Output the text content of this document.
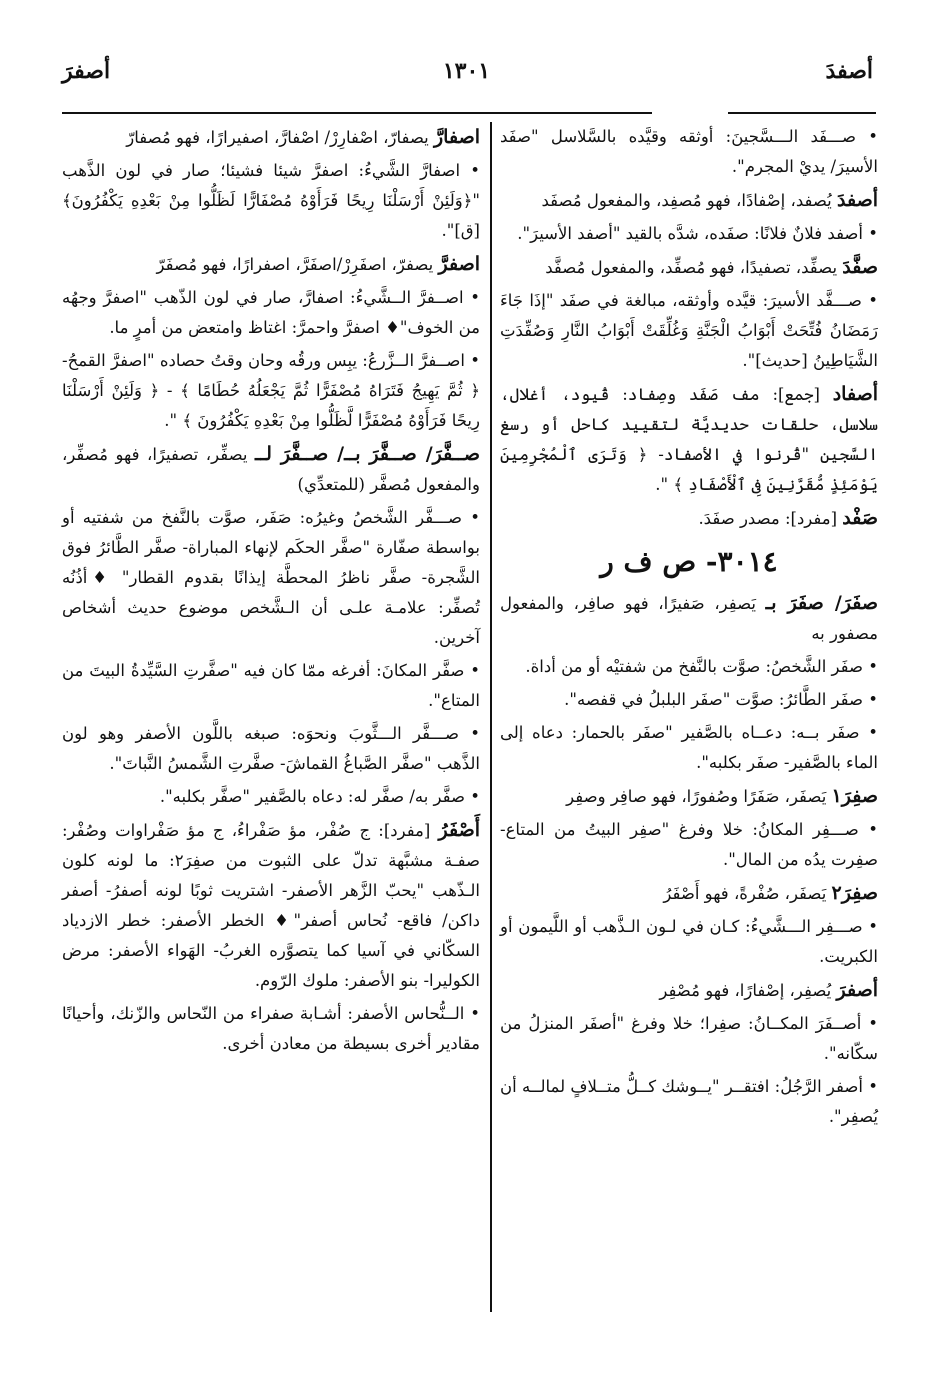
أصفدَ
١٣٠١
أصفرَ

• صـــفَد الـــسَّجينَ: أوثقه وقيَّده بالسَّلاسل "صفَد الأسيرَ/ يديْ المجرم".

أصفدَ يُصفد، إصْفادًا، فهو مُصفِد، والمفعول مُصفَد

• أصفد فلانٌ فلانًا: صفَده، شدَّه بالقيد "أصفد الأسيرَ".

صفَّدَ يصفِّد، تصفيدًا، فهو مُصفِّد، والمفعول مُصفَّد

• صـــفَّد الأسيرَ: قيَّده وأوثقه، مبالغة في صفَد "إذَا جَاءَ رَمَضَانُ فُتِّحَتْ أَبْوَابُ الْجَنَّةِ وَغُلِّقَتْ أَبْوَابُ النَّارِ وَصُفِّدَتِ الشَّيَاطِينُ [حديث]".

أصفاد [جمع]: مف صَفَد وصِفاد: قُيود، أغلال، سلاسل، حلقات حديديَّة لتقييد كاحل أو رسغ السَّجين "قُرنوا في الأصفاد- ﴿ وَتَرَى ٱلْمُجْرِمِينَ يَوْمَئِذٍ مُّقَرَّنِينَ فِى ٱلْأَصْفَادِ ﴾ ".

صَفْد [مفرد]: مصدر صفَدَ.

٣٠١٤- ص ف ر

صفَرَ/ صفَرَ بـ يَصفِر، صَفيرًا، فهو صافِر، والمفعول مصفور به

• صفَر الشَّخصُ: صوَّت بالنَّفخ من شفتيْه أو من أداة.

• صفَر الطَّائرُ: صوَّت "صفَر البلبلُ في قفصه".

• صفَر بــه: دعــاه بالصَّفير "صفَر بالحمار: دعاه إلى الماء بالصَّفير- صفَر بكلبه".

صفِرَ١ يَصفَر، صَفَرًا وصُفورًا، فهو صافِر وصفِر

• صـــفِر المكانُ: خلا وفرغ "صفِر البيتُ من المتاع- صفِرت يدُه من المال".

صفِرَ٢ يَصفَر، صُفْرةً، فهو أَصْفَرُ

• صـــفِر الـــشَّيءُ: كـان في لـون الـذَّهب أو اللَّيمون أو الكبريت.

أصفرَ يُصفِر، إصْفارًا، فهو مُصْفِر

• أصــفَرَ المكــانُ: صفِرا؛ خلا وفرغ "أصفَر المنزلُ من سكّانه".

• أصفر الرَّجُلُ: افتقــر "يــوشك كــلُّ متــلافٍ لمالــه أن يُصفِر".

اصفارَّ يصفارّ، اصْفارِرْ/ اصْفارَّ، اصفيرارًا، فهو مُصفارّ

• اصفارَّ الشَّيءُ: اصفرَّ شيئا فشيئا؛ صار في لون الذَّهب "﴿وَلَئِنْ أَرْسَلْنَا رِيحًا فَرَأَوْهُ مُصْفَارًّا لَظَلُّوا مِنْ بَعْدِهِ يَكْفُرُونَ﴾ [ق]".

اصفرَّ يصفرّ، اصفَرِرْ/اصفَرَّ، اصفرارًا، فهو مُصفَرّ

• اصــفرَّ الــشَّيءُ: اصفارَّ، صار في لون الذّهب "اصفرَّ وجهُه من الخوف"♦ اصفرَّ واحمرَّ: اغتاظ وامتعض من أمرٍ ما.

• اصــفرَّ الــزَّرعُ: يبِس ورقُه وحان وقتُ حصاده "اصفرَّ القمحُ- ﴿ ثُمَّ يَهِيجُ فَتَرَاهُ مُصْفَرًّا ثُمَّ يَجْعَلُهُ حُطَامًا ﴾ - ﴿ وَلَئِنْ أَرْسَلْنَا رِيحًا فَرَأَوْهُ مُصْفَرًّا لَّظَلُّوا مِنْ بَعْدِهِ يَكْفُرُونَ ﴾ ".

صــفَّرَ/ صــفَّرَ بــ/ صــفَّرَ لــ يصفِّر، تصفيرًا، فهو مُصفِّر، والمفعول مُصفَّر (للمتعدِّي)

• صـــفَّر الشَّخصُ وغيرُه: صَفَر، صوَّت بالنَّفخ من شفتيه أو بواسطة صفّارة "صفَّر الحكَم لإنهاء المباراة- صفَّر الطَّائرُ فوق الشَّجرة- صفَّر ناظرُ المحطَّة إيذانًا بقدوم القطار" ♦أذُنُه تُصفِّر: علامـة علـى أن الـشَّخص موضوع حديث أشخاص آخرين.

• صفَّر المكانَ: أفرغه ممّا كان فيه "صفَّرتِ السَّيِّدةُ البيتَ من المتاع".

• صـــفَّر الـــثَّوبَ ونحوَه: صبغه باللَّون الأصفر وهو لون الذَّهب "صفَّر الصَّباغُ القماشَ- صفَّرتِ الشَّمسُ النَّباتَ".

• صفَّر به/ صفَّر له: دعاه بالصَّفير "صفَّر بكلبه".

أَصْفَرُ [مفرد]: ج صُفْر، مؤ صَفْراءُ، ج مؤ صَفْراوات وصُفْر: صفـة مشبَّهة تدلّ على الثبوت من صفِرَ٢: ما لونه كلون الـذّهب "يحبّ الزَّهر الأصفر- اشتريت ثوبًا لونه أصفرُ- أصفر داكن/ فاقع- نُحاس أصفر"♦ الخطر الأصفر: خطر الازدياد السكّاني في آسيا كما يتصوَّره الغربُ- الهَواء الأصفر: مرض الكوليرا- بنو الأصفر: ملوك الرّوم.

• الــنُّحاس الأصفر: أشـابة صفراء من النّحاس والزّنك، وأحيانًا مقادير أخرى بسيطة من معادن أخرى.
